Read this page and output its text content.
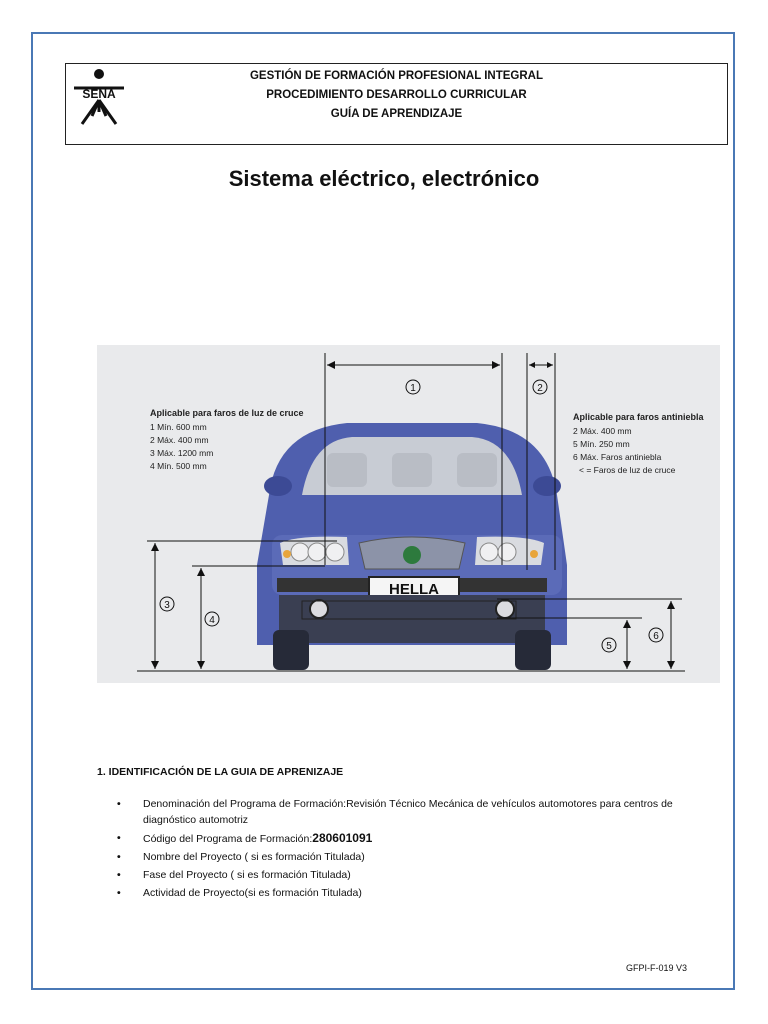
SENA
GESTIÓN DE FORMACIÓN PROFESIONAL INTEGRAL
PROCEDIMIENTO DESARROLLO CURRICULAR
GUÍA DE APRENDIZAJE
Sistema eléctrico, electrónico
HELLA
1	2
3
4
5
6
Aplicable para faros de luz de cruce
1 Mín. 600 mm
2 Máx. 400 mm
3 Máx. 1200 mm
4 Mín. 500 mm
Aplicable para faros antiniebla
2 Máx. 400 mm
5 Mín. 250 mm
6 Máx. Faros antiniebla
< = Faros de luz de cruce
1. IDENTIFICACIÓN DE LA GUIA DE APRENIZAJE
• Denominación del Programa de Formación:Revisión Técnico Mecánica de vehículos automotores para centros de diagnóstico automotriz
• Código del Programa de Formación:280601091
• Nombre del Proyecto ( si es formación Titulada)
• Fase del Proyecto ( si es formación Titulada)
• Actividad de Proyecto(si es formación Titulada)
GFPI-F-019 V3
